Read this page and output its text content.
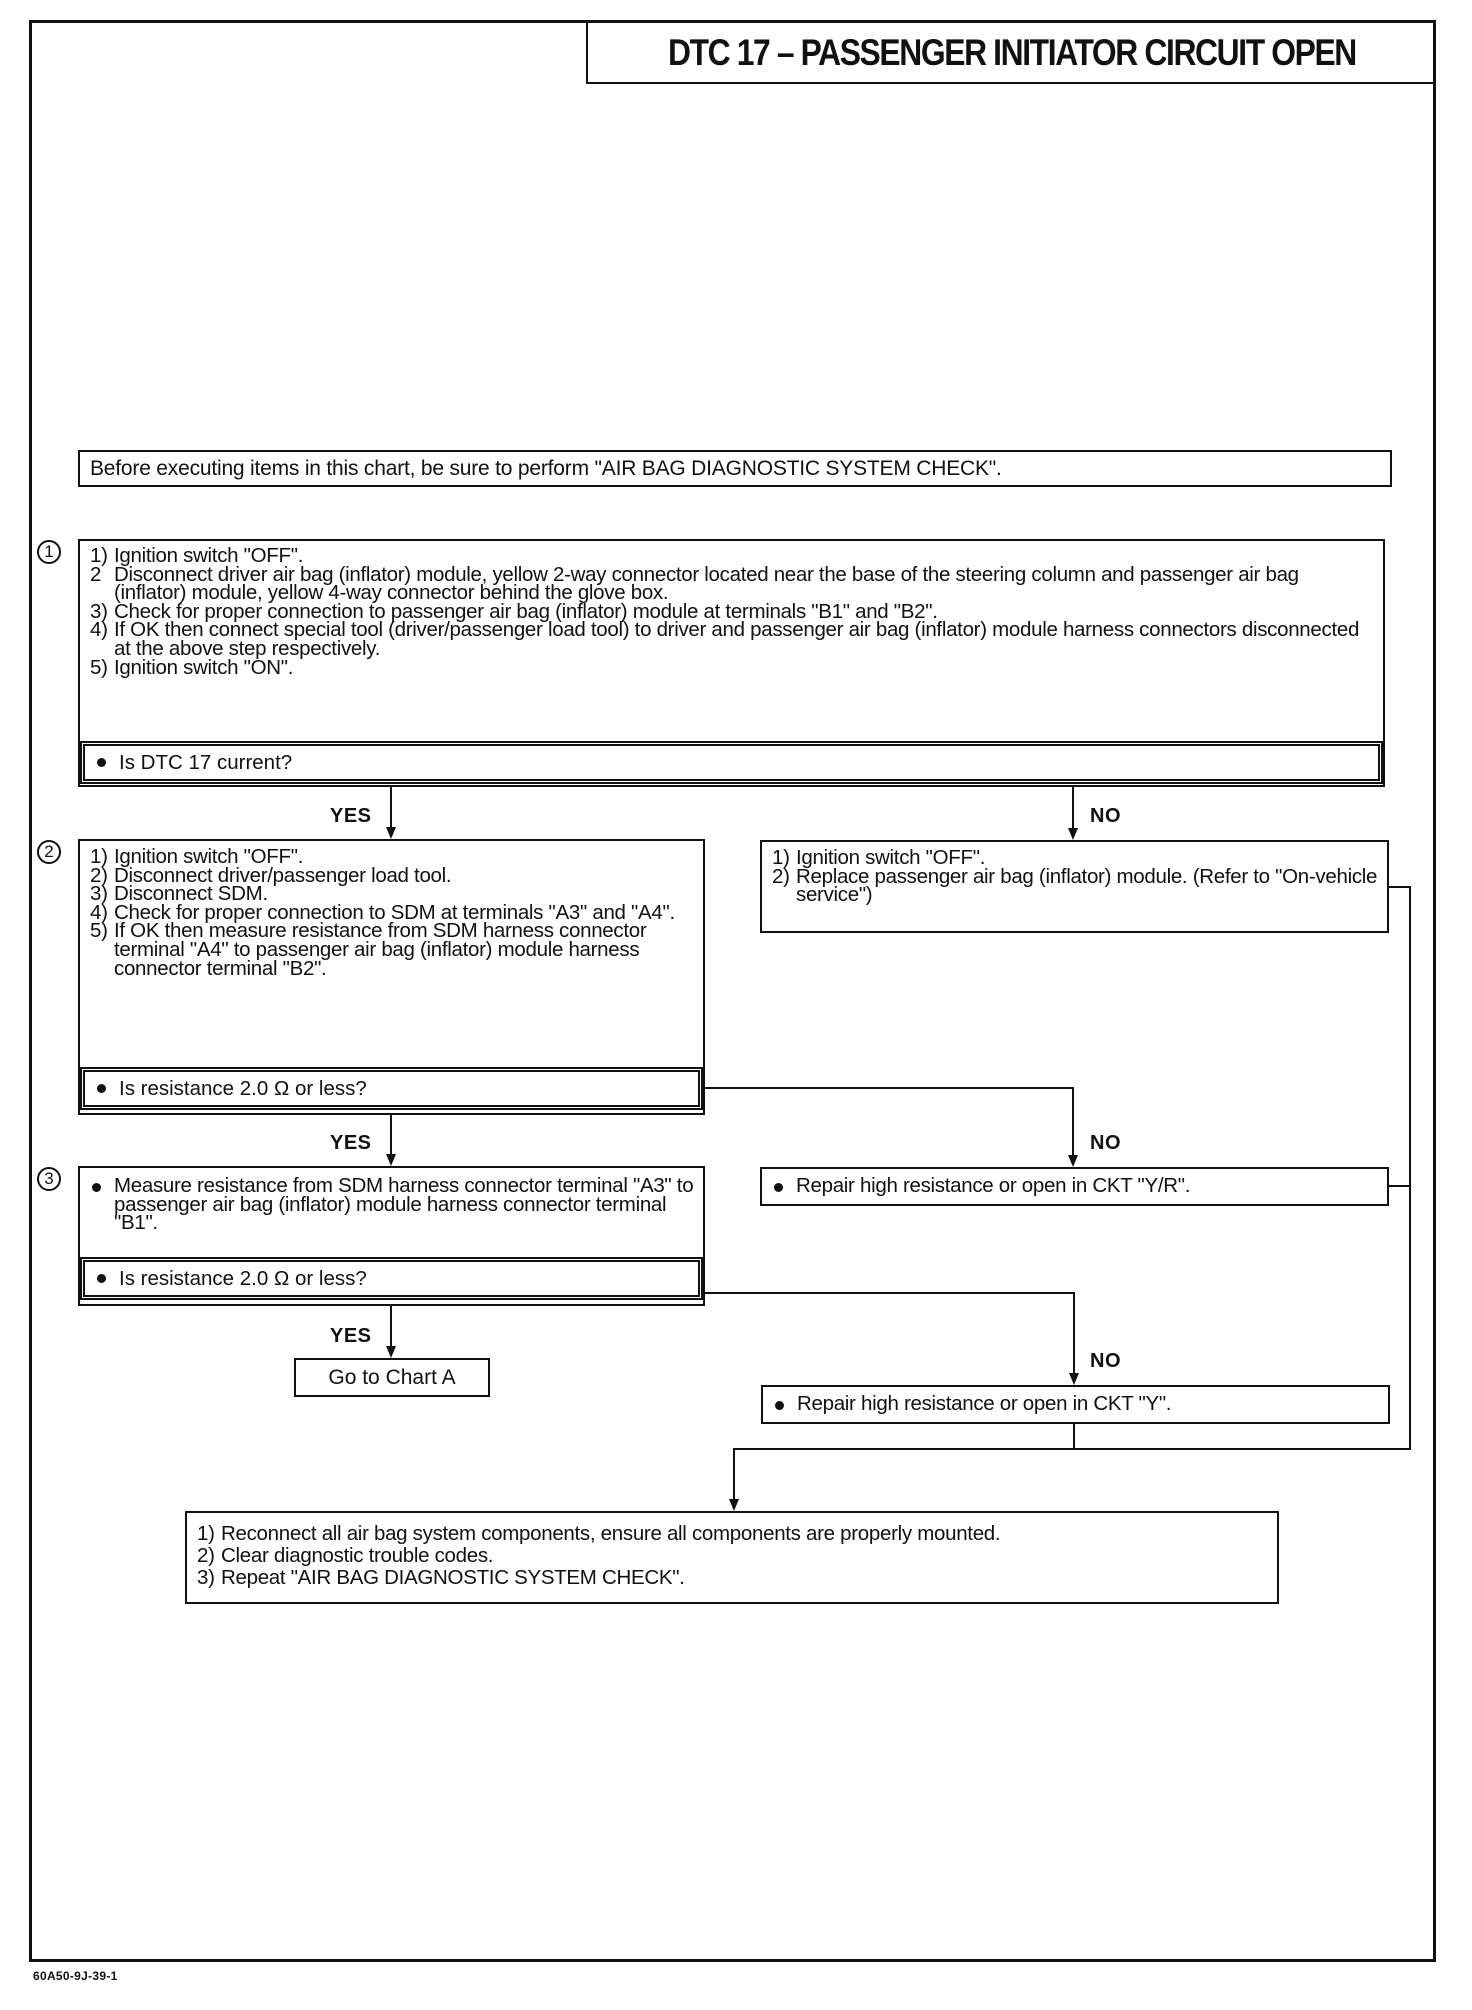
DTC 17 – PASSENGER INITIATOR CIRCUIT OPEN
Before executing items in this chart, be sure to perform "AIR BAG DIAGNOSTIC SYSTEM CHECK".
1 1) Ignition switch "OFF".
2 Disconnect driver air bag (inflator) module, yellow 2-way connector located near the base of the steering column and passenger air bag (inflator) module, yellow 4-way connector behind the glove box.
3) Check for proper connection to passenger air bag (inflator) module at terminals "B1" and "B2".
4) If OK then connect special tool (driver/passenger load tool) to driver and passenger air bag (inflator) module harness connectors disconnected at the above step respectively.
5) Ignition switch "ON".
Is DTC 17 current?
YES	NO
2 1) Ignition switch "OFF".
2) Disconnect driver/passenger load tool.
3) Disconnect SDM.
4) Check for proper connection to SDM at terminals "A3" and "A4".
5) If OK then measure resistance from SDM harness connector terminal "A4" to passenger air bag (inflator) module harness connector terminal "B2".
Is resistance 2.0 Ω or less?
1) Ignition switch "OFF".
2) Replace passenger air bag (inflator) module. (Refer to "On-vehicle service")
NO
YES
3	Measure resistance from SDM harness connector terminal "A3" to passenger air bag (inflator) module harness connector terminal "B1".
Is resistance 2.0 Ω or less?
Repair high resistance or open in CKT "Y/R".
YES
Go to Chart A
NO
Repair high resistance or open in CKT "Y".
1) Reconnect all air bag system components, ensure all components are properly mounted.
2) Clear diagnostic trouble codes.
3) Repeat "AIR BAG DIAGNOSTIC SYSTEM CHECK".
60A50-9J-39-1
